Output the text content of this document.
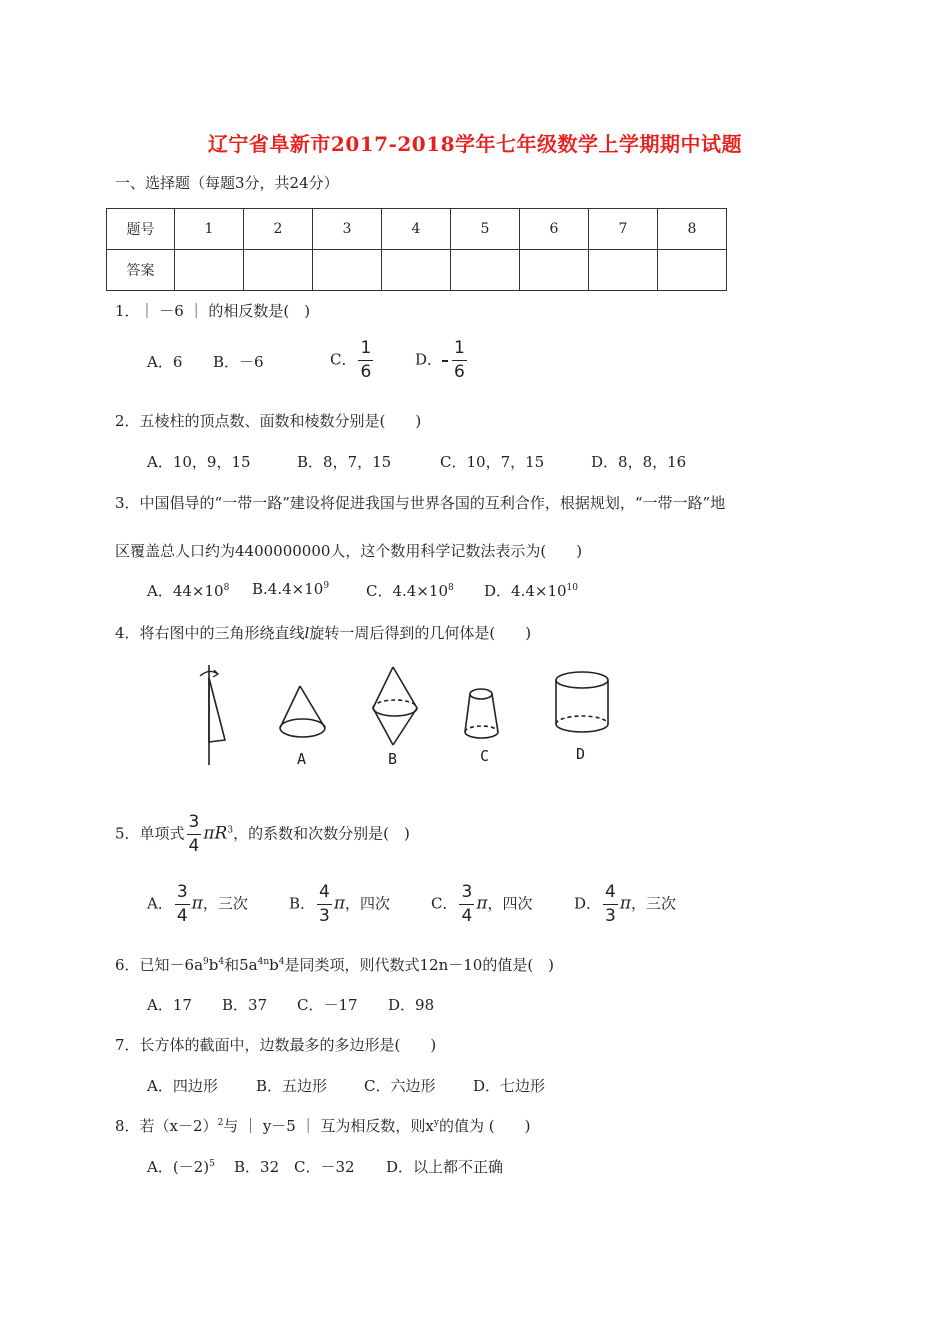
辽宁省阜新市2017-2018学年七年级数学上学期期中试题
一、选择题（每题3分，共24分）
题号	1	2	3	4	5	6	7	8
答案								
1．｜ －6 ｜ 的相反数是(　)
A．6 B．－6	C． $\frac{1}{6}$	D． $\frac{1}{6}$
2．五棱柱的顶点数、面数和棱数分别是(　　)
A．10，9，15	B．8，7，15	C．10，7，15	D．8，8，16
3．中国倡导的“一带一路”建设将促进我国与世界各国的互利合作，根据规划，“一带一路”地
区覆盖总人口约为4400000000人，这个数用科学记数法表示为(　　)
A．$44\times 10^8$ $B.4.4\times 10^9$ C．$4.4\times 10^8$ D．$4.4\times 10^{10}$
4．将右图中的三角形绕直线l旋转一周后得到的几何体是(　　)
A	B	C	D
5．单项式 $\frac{3}{4} \pi R^3$，的系数和次数分别是(　)
A． $\frac{3}{4}$ π，三次	B． $\frac{4}{3}$ π，四次	C． $\frac{3}{4}$ π，四次	D． $\frac{4}{3}$ π，三次
6．已知$-6a^9b^4$和$5a^{4n}b^4$是同类项，则代数式12n－10的值是(　)
A．17 B．37 C．－17 D．98
7．长方体的截面中，边数最多的多边形是(　　)
A．四边形	B．五边形 C．六边形	D．七边形
8．若$(x-2)^2$与 ｜ y－5 ｜ 互为相反数，则$x^y$的值为 (　　)
A．$(-2)^5$ B．32 C．－32 D．以上都不正确
